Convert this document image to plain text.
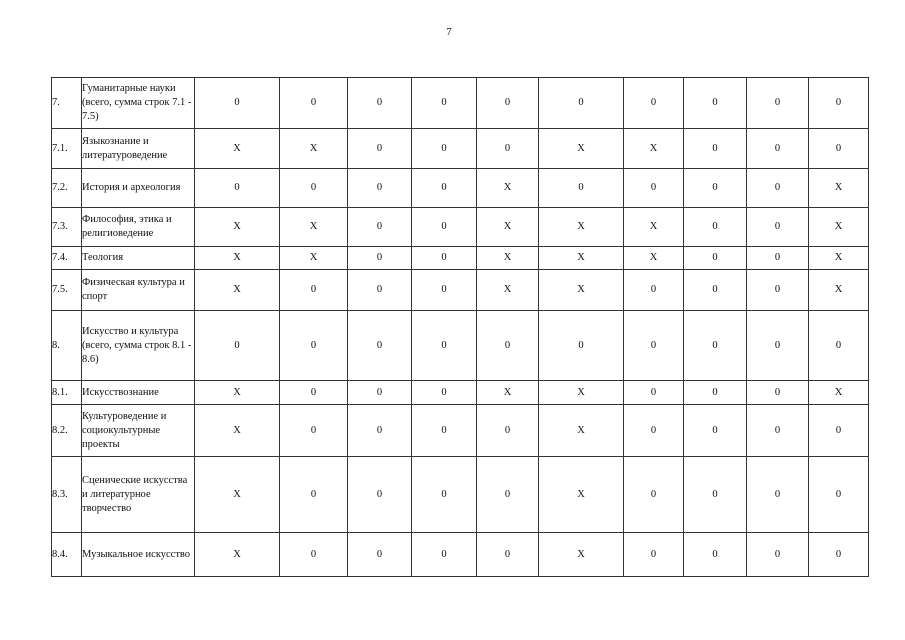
7
7.	Гуманитарные науки (всего, сумма строк 7.1 - 7.5)	0	0	0	0	0	0	0	0	0	0
7.1.	Языкознание и литературоведение	X	X	0	0	0	X	X	0	0	0
7.2.	История и археология	0	0	0	0	X	0	0	0	0	X
7.3.	Философия, этика и религиоведение	X	X	0	0	X	X	X	0	0	X
7.4.	Теология	X	X	0	0	X	X	X	0	0	X
7.5.	Физическая культура и спорт	X	0	0	0	X	X	0	0	0	X
8.	Искусство и культура (всего, сумма строк 8.1 - 8.6)	0	0	0	0	0	0	0	0	0	0
8.1.	Искусствознание	X	0	0	0	X	X	0	0	0	X
8.2.	Культуроведение и социокультурные проекты	X	0	0	0	0	X	0	0	0	0
8.3.	Сценические искусства и литературное творчество	X	0	0	0	0	X	0	0	0	0
8.4.	Музыкальное искусство	X	0	0	0	0	X	0	0	0	0
